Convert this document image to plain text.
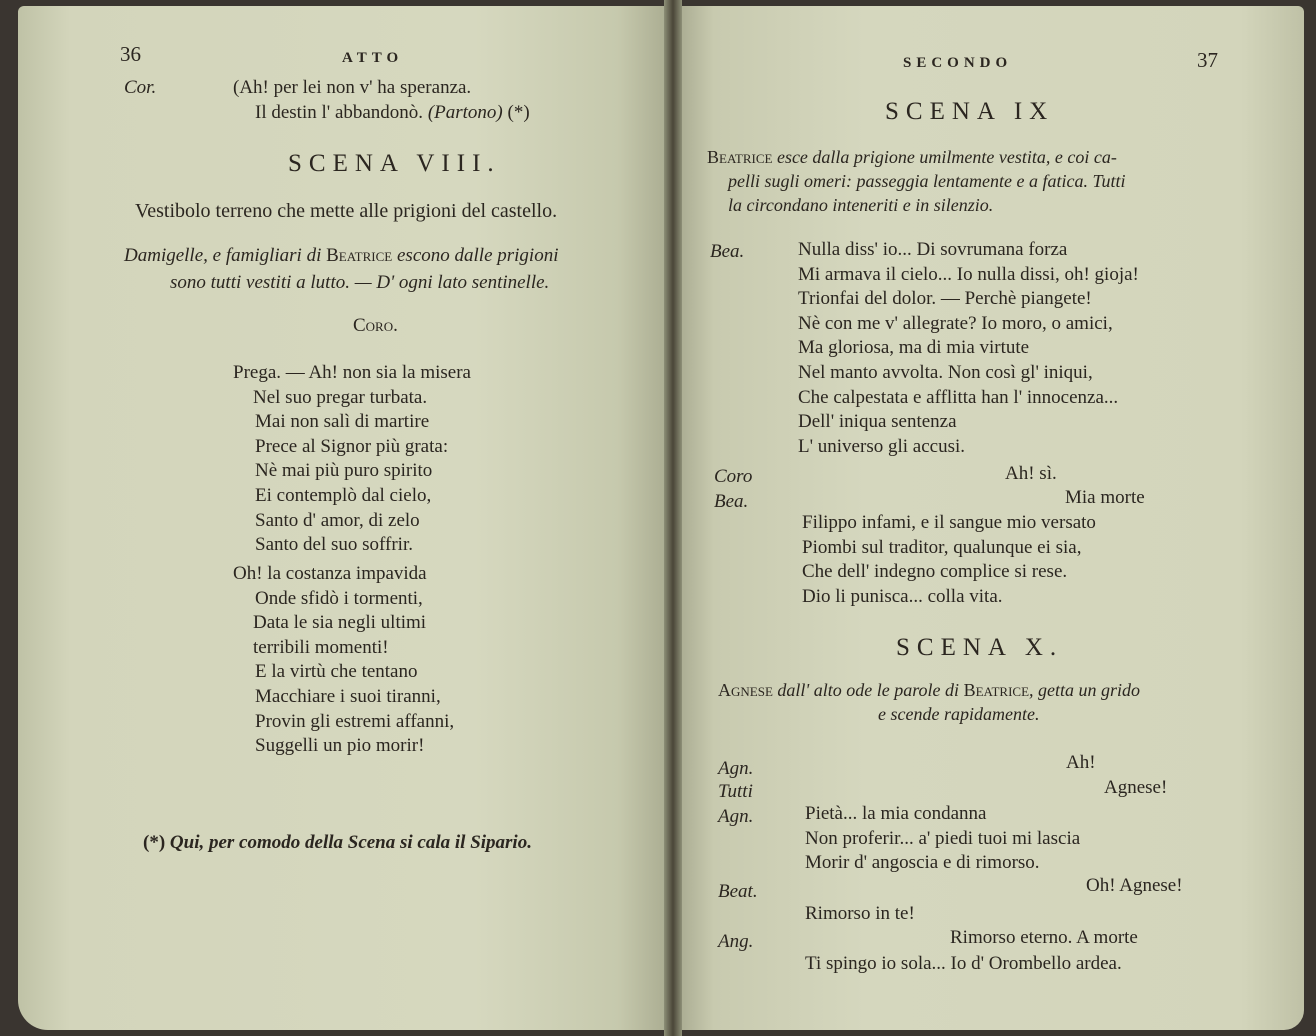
36	ATTO
Cor.	(Ah! per lei non v' ha speranza.
Il destin l' abbandonò. (Partono) (*)
SCENA VIII.
Vestibolo terreno che mette alle prigioni del castello.
Damigelle, e famigliari di Beatrice escono dalle prigioni
sono tutti vestiti a lutto. — D' ogni lato sentinelle.
Coro.
Prega. — Ah! non sia la misera
Nel suo pregar turbata.
Mai non salì di martire
Prece al Signor più grata:
Nè mai più puro spirito
Ei contemplò dal cielo,
Santo d' amor, di zelo
Santo del suo soffrir.
Oh! la costanza impavida
Onde sfidò i tormenti,
Data le sia negli ultimi
terribili momenti!
E la virtù che tentano
Macchiare i suoi tiranni,
Provin gli estremi affanni,
Suggelli un pio morir!
(*) Qui, per comodo della Scena si cala il Sipario.
SECONDO	37
SCENA IX
Beatrice esce dalla prigione umilmente vestita, e coi ca-
pelli sugli omeri: passeggia lentamente e a fatica. Tutti
la circondano inteneriti e in silenzio.
Bea.	Nulla diss' io... Di sovrumana forza
Mi armava il cielo... Io nulla dissi, oh! gioja!
Trionfai del dolor. — Perchè piangete!
Nè con me v' allegrate? Io moro, o amici,
Ma gloriosa, ma di mia virtute
Nel manto avvolta. Non così gl' iniqui,
Che calpestata e afflitta han l' innocenza...
Dell' iniqua sentenza
L' universo gli accusi.
Coro	Ah! sì.
Bea.	Mia morte
Filippo infami, e il sangue mio versato
Piombi sul traditor, qualunque ei sia,
Che dell' indegno complice si rese.
Dio li punisca... colla vita.
SCENA X.
Agnese dall' alto ode le parole di Beatrice, getta un grido
e scende rapidamente.
Agn.	Ah!
Tutti	Agnese!
Agn.	Pietà... la mia condanna
Non proferir... a' piedi tuoi mi lascia
Morir d' angoscia e di rimorso.
Beat.	Oh! Agnese!
Rimorso in te!
Ang.	Rimorso eterno. A morte
Ti spingo io sola... Io d' Orombello ardea.
